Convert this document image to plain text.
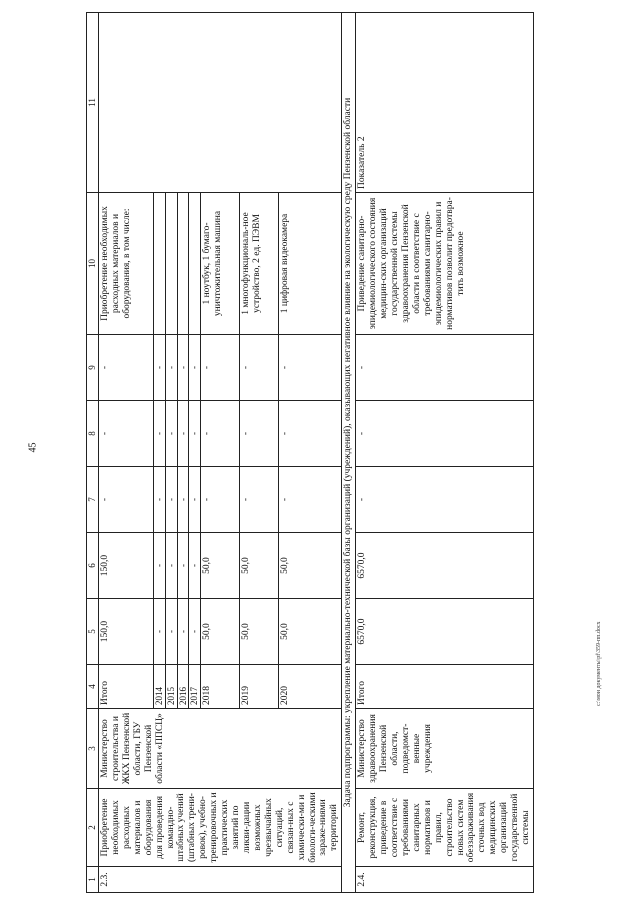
45
c:\мои документы\pf\359-пп.docx
1	2	3	4	5	6	7	8	9	10	11
2.3.	Приобретение необходимых расходных материалов и оборудования для проведения командно-штабных учений (штабных трени-ровок), учебно-тренировочных и практических занятий по ликви-дации возможных чрезвычайных ситуаций, связан-ных с химически-ми и биологи-ческими зараже-ниями территорий	Министерство строительства и ЖКХ Пензенской области, ГБУ Пензенской области «ППСЦ»	Итого	150,0	150,0	-	-	-	Приобретение необходимых расходных материалов и оборудования, в том числе:	
			2014	-	-	-	-	-		
			2015	-	-	-	-	-		
			2016	-	-	-	-	-		
			2017	-	-	-	-	-		
			2018	50,0	50,0	-	-	-	1 ноутбук, 1 бумаго-уничтожительная машина	
			2019	50,0	50,0	-	-	-	1 многофункциональ-ное устройство, 2 ед. ПЭВМ	
			2020	50,0	50,0	-	-	-	1 цифровая видеокамера	
Задача подпрограммы: укрепление материально-технической базы организаций (учреждений), оказывающих негативное влияние на экологическую среду Пензенской области										
2.4.	Ремонт, реконструкция, приведение в соответствие с требованиями санитарных нормативов и правил, строительство новых систем обеззараживания сточных вод медицинских организаций государственной системы	Министерство здравоохранения Пензенской области, подведомст-венные учреждения	Итого	6570,0	6570,0	-	-	-	Приведение санитарно-эпидемиологического состояния медицин-ских организаций государственной системы здравоохранения Пензенской области в соответствие с требованиями санитарно-эпидемиологических правил и нормативов позволит предотвра-тить возможное	Показатель 2
